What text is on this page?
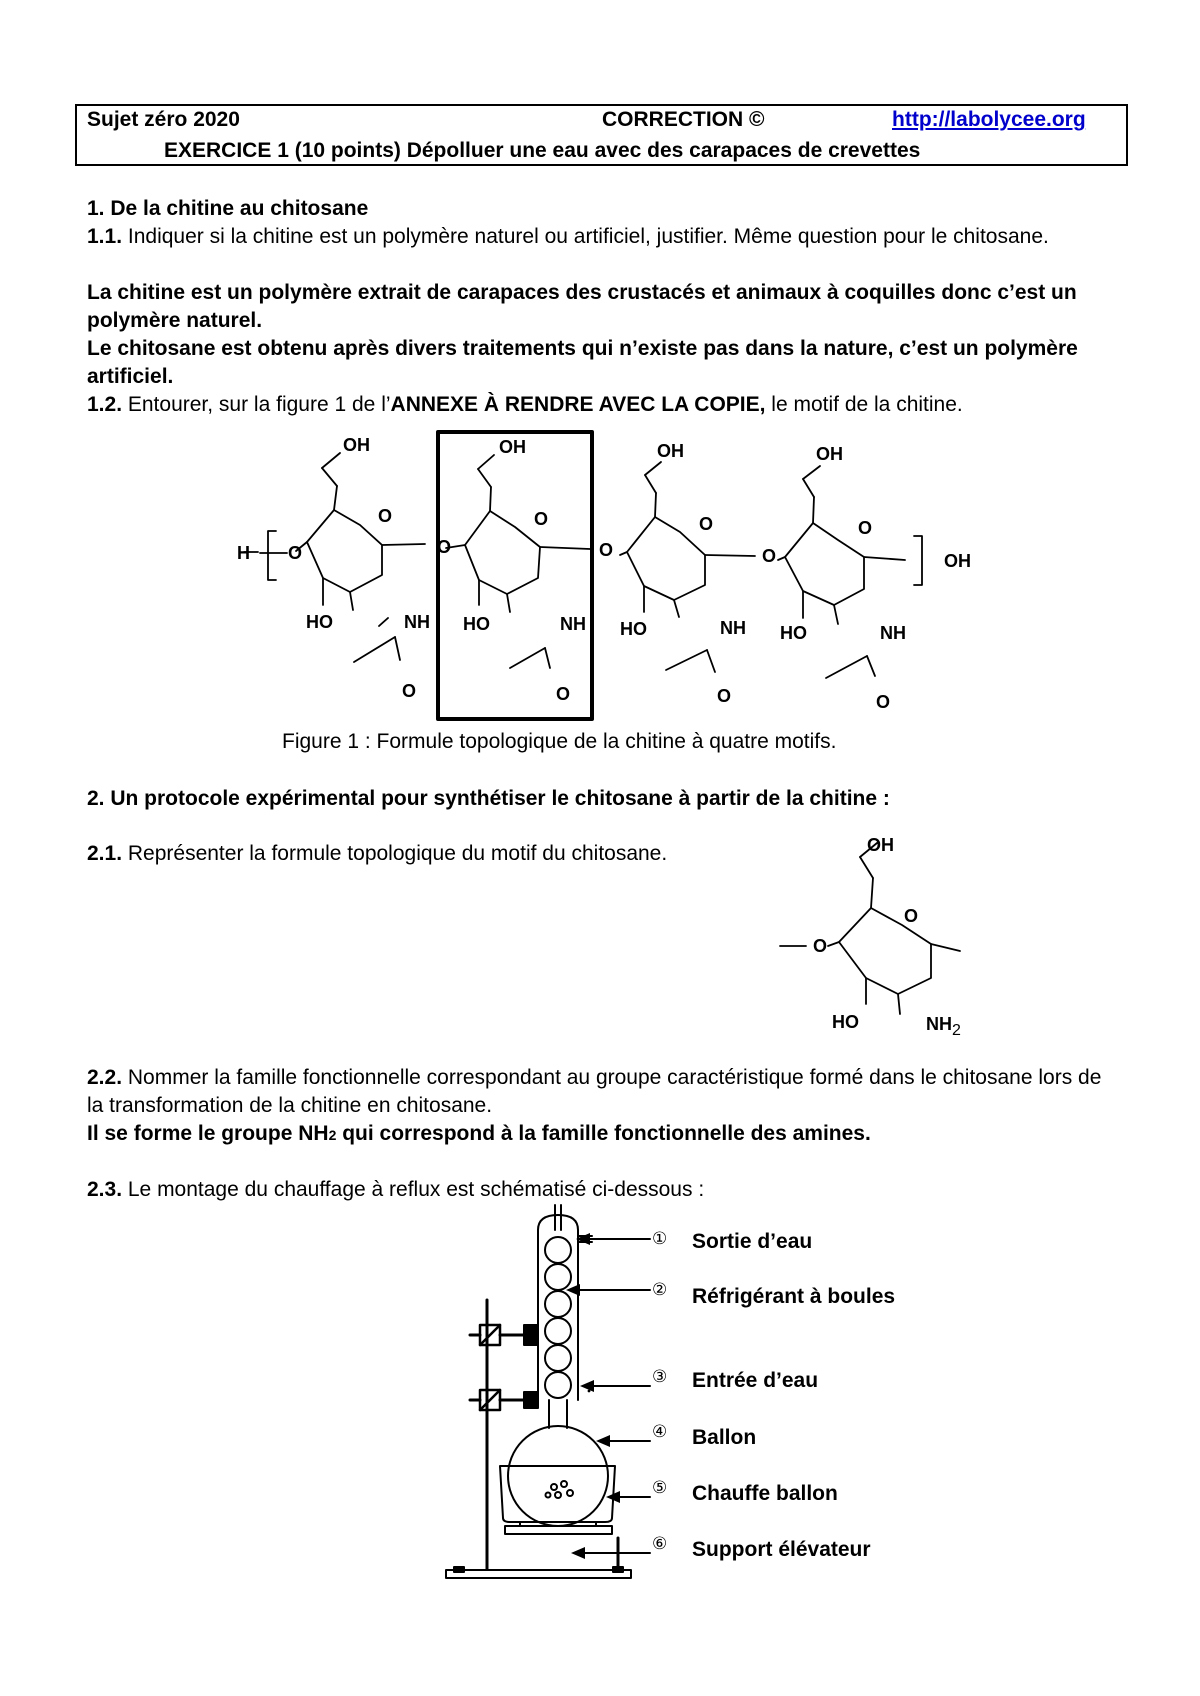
Sujet zéro 2020	CORRECTION ©	http://labolycee.org
EXERCICE 1 (10 points) Dépolluer une eau avec des carapaces de crevettes
1. De la chitine au chitosane
1.1. Indiquer si la chitine est un polymère naturel ou artificiel, justifier. Même question pour le chitosane.
La chitine est un polymère extrait de carapaces des crustacés et animaux à coquilles donc c’est un polymère naturel.
Le chitosane est obtenu après divers traitements qui n’existe pas dans la nature, c’est un polymère artificiel.
1.2. Entourer, sur la figure 1 de l’ANNEXE À RENDRE AVEC LA COPIE, le motif de la chitine.
OH
O
H O
HO	NH
O
O
OH
O
HO	NH
O
O
OH
O
HO	NH
O
O
OH
O
HO	NH
O
OH
OH
O
O
HO	NH2
Figure 1 : Formule topologique de la chitine à quatre motifs.
2. Un protocole expérimental pour synthétiser le chitosane à partir de la chitine :
2.1. Représenter la formule topologique du motif du chitosane.
2.2. Nommer la famille fonctionnelle correspondant au groupe caractéristique formé dans le chitosane lors de la transformation de la chitine en chitosane.
Il se forme le groupe NH2 qui correspond à la famille fonctionnelle des amines.
2.3. Le montage du chauffage à reflux est schématisé ci-dessous :
① Sortie d’eau
② Réfrigérant à boules
③ Entrée d’eau
④ Ballon
⑤ Chauffe ballon
⑥ Support élévateur
